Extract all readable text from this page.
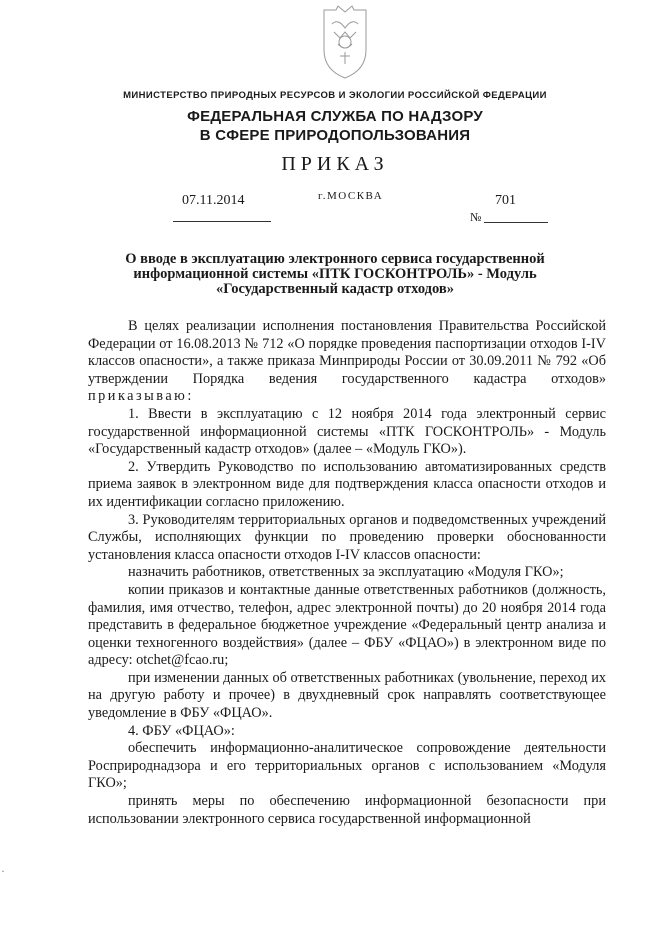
МИНИСТЕРСТВО ПРИРОДНЫХ РЕСУРСОВ И ЭКОЛОГИИ РОССИЙСКОЙ ФЕДЕРАЦИИ
ФЕДЕРАЛЬНАЯ СЛУЖБА ПО НАДЗОРУ
В СФЕРЕ ПРИРОДОПОЛЬЗОВАНИЯ
ПРИКАЗ
07.11.2014	г.МОСКВА
№
701
О вводе в эксплуатацию электронного сервиса государственной
информационной системы «ПТК ГОСКОНТРОЛЬ» - Модуль
«Государственный кадастр отходов»

В целях реализации исполнения постановления Правительства Российской Федерации от 16.08.2013 № 712 «О порядке проведения паспортизации отходов I-IV классов опасности», а также приказа Минприроды России от 30.09.2011 № 792 «Об утверждении Порядка ведения государственного кадастра отходов» приказываю:

1. Ввести в эксплуатацию с 12 ноября 2014 года электронный сервис государственной информационной системы «ПТК ГОСКОНТРОЛЬ» - Модуль «Государственный кадастр отходов» (далее – «Модуль ГКО»).

2. Утвердить Руководство по использованию автоматизированных средств приема заявок в электронном виде для подтверждения класса опасности отходов и их идентификации согласно приложению.

3. Руководителям территориальных органов и подведомственных учреждений Службы, исполняющих функции по проведению проверки обоснованности установления класса опасности отходов I-IV классов опасности:

назначить работников, ответственных за эксплуатацию «Модуля ГКО»;

копии приказов и контактные данные ответственных работников (должность, фамилия, имя отчество, телефон, адрес электронной почты) до 20 ноября 2014 года представить в федеральное бюджетное учреждение «Федеральный центр анализа и оценки техногенного воздействия» (далее – ФБУ «ФЦАО») в электронном виде по адресу: otchet@fcao.ru;

при изменении данных об ответственных работниках (увольнение, переход их на другую работу и прочее) в двухдневный срок направлять соответствующее уведомление в ФБУ «ФЦАО».

4. ФБУ «ФЦАО»:

обеспечить информационно-аналитическое сопровождение деятельности Росприроднадзора и его территориальных органов с использованием «Модуля ГКО»;

принять меры по обеспечению информационной безопасности при использовании электронного сервиса государственной информационной

·
